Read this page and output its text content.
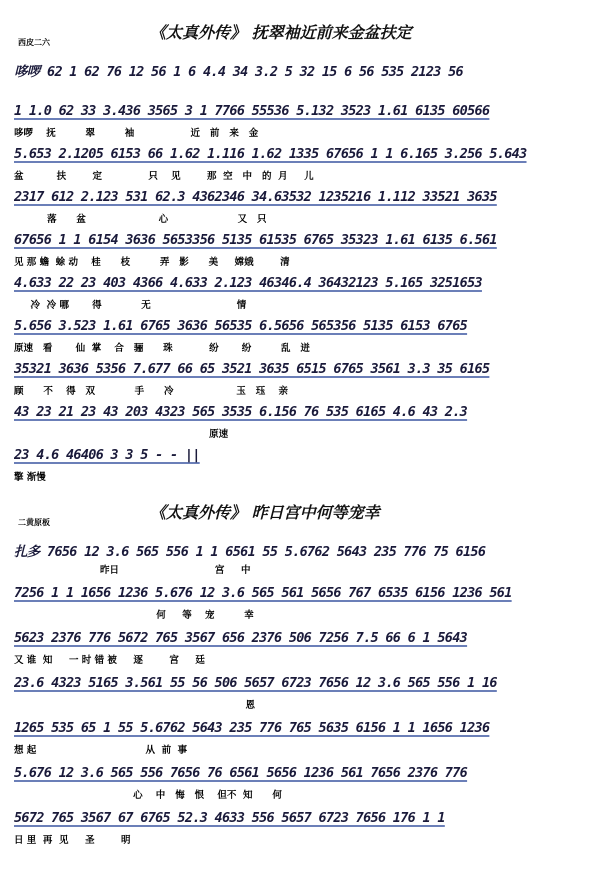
《太真外传》 抚翠袖近前来金盆扶定
西皮二六
哆啰 62 1 62 76 12 56 1 6 4.4 34 3.2 5 32 15 6 56 535 2123 56
1 1.0 62 33 3.436 3565 3 1 7766 55536 5.132 3523 1.61 6135 60566
哆啰    抚         翠         袖                 近   前   来   金
5.653 2.1205 6153 66 1.62 1.116 1.62 1335 67656 1 1 6.165 3.256 5.643
盆          扶        定              只    见        那  空   中   的  月     儿
2317 612 2.123 531 62.3 4362346 34.63532 1235216 1.112 33521 3635
落      盆                      心                     又   只
67656 1 1 6154 3636 5653356 5135 61535 6765 35323 1.61 6135 6.561
见 那 蟾  蜍 动    桂      枝         弄   影      美     嫦娥        清
4.633 22 23 403 4366 4.633 2.123 46346.4 36432123 5.165 3251653
冷  冷 哪       得            无                          情
5.656 3.523 1.61 6765 3636 56535 6.5656 565356 5135 6153 6765
原速   看       仙  掌    合   骊      珠           纷       纷         乱   迸
35321 3636 5356 7.677 66 65 3521 3635 6515 6765 3561 3.3 35 6165
顾      不    得   双            手      冷                   玉   珏    亲
43 23 21 23 43 203 4323 565 3535 6.156 76 535 6165 4.6 43 2.3
原速
23 4.6 46406 3 3 5 - - ||
擎 渐慢
《太真外传》 昨日宫中何等宠幸
二黄原板
扎多 7656 12 3.6 565 556 1 1 6561 55 5.6762 5643 235 776 75 6156
昨日                             宫     中
7256 1 1 1656 1236 5.676 12 3.6 565 561 5656 767 6535 6156 1236 561
何     等    宠         幸
5623 2376 776 5672 765 3567 656 2376 506 7256 7.5 66 6 1 5643
又 谁  知     一 时 错 被     逐        宫     廷
23.6 4323 5165 3.561 55 56 506 5657 6723 7656 12 3.6 565 556 1 16
恩
1265 535 65 1 55 5.6762 5643 235 776 765 5635 6156 1 1 1656 1236
想 起                                 从  前  事
5.676 12 3.6 565 556 7656 76 6561 5656 1236 561 7656 2376 776
心    中   悔   恨    但不  知      何
5672 765 3567 67 6765 52.3 4633 556 5657 6723 7656 176 1 1
日 里  再  见     圣        明
